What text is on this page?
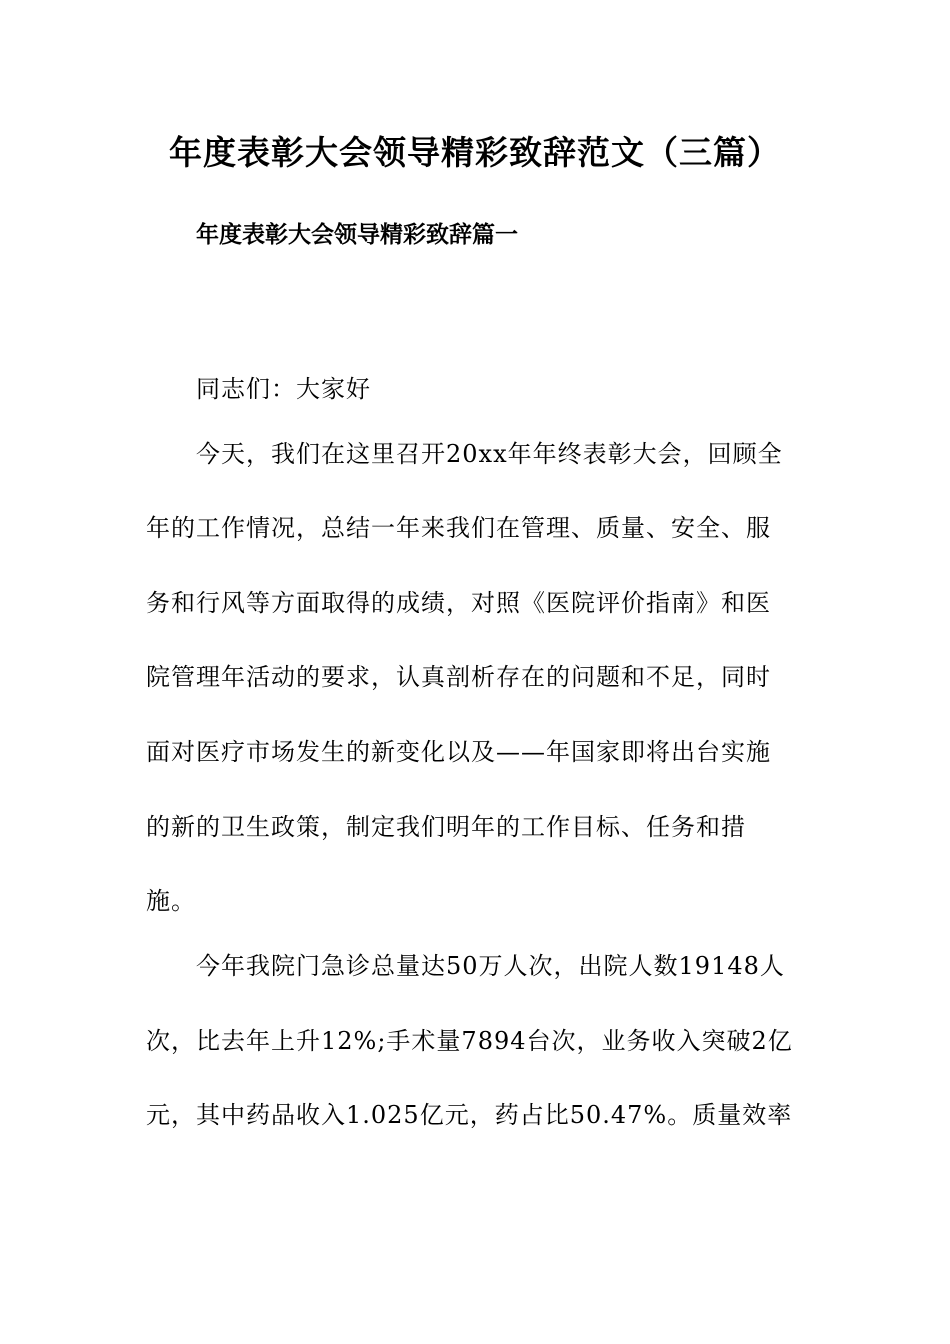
年度表彰大会领导精彩致辞范文（三篇）
年度表彰大会领导精彩致辞篇一
同志们：大家好
今天，我们在这里召开20xx年年终表彰大会，回顾全
年的工作情况，总结一年来我们在管理、质量、安全、服
务和行风等方面取得的成绩，对照《医院评价指南》和医
院管理年活动的要求，认真剖析存在的问题和不足，同时
面对医疗市场发生的新变化以及——年国家即将出台实施
的新的卫生政策，制定我们明年的工作目标、任务和措
施。
今年我院门急诊总量达50万人次，出院人数19148人
次，比去年上升12%;手术量7894台次，业务收入突破2亿
元，其中药品收入1.025亿元，药占比50.47%。质量效率
